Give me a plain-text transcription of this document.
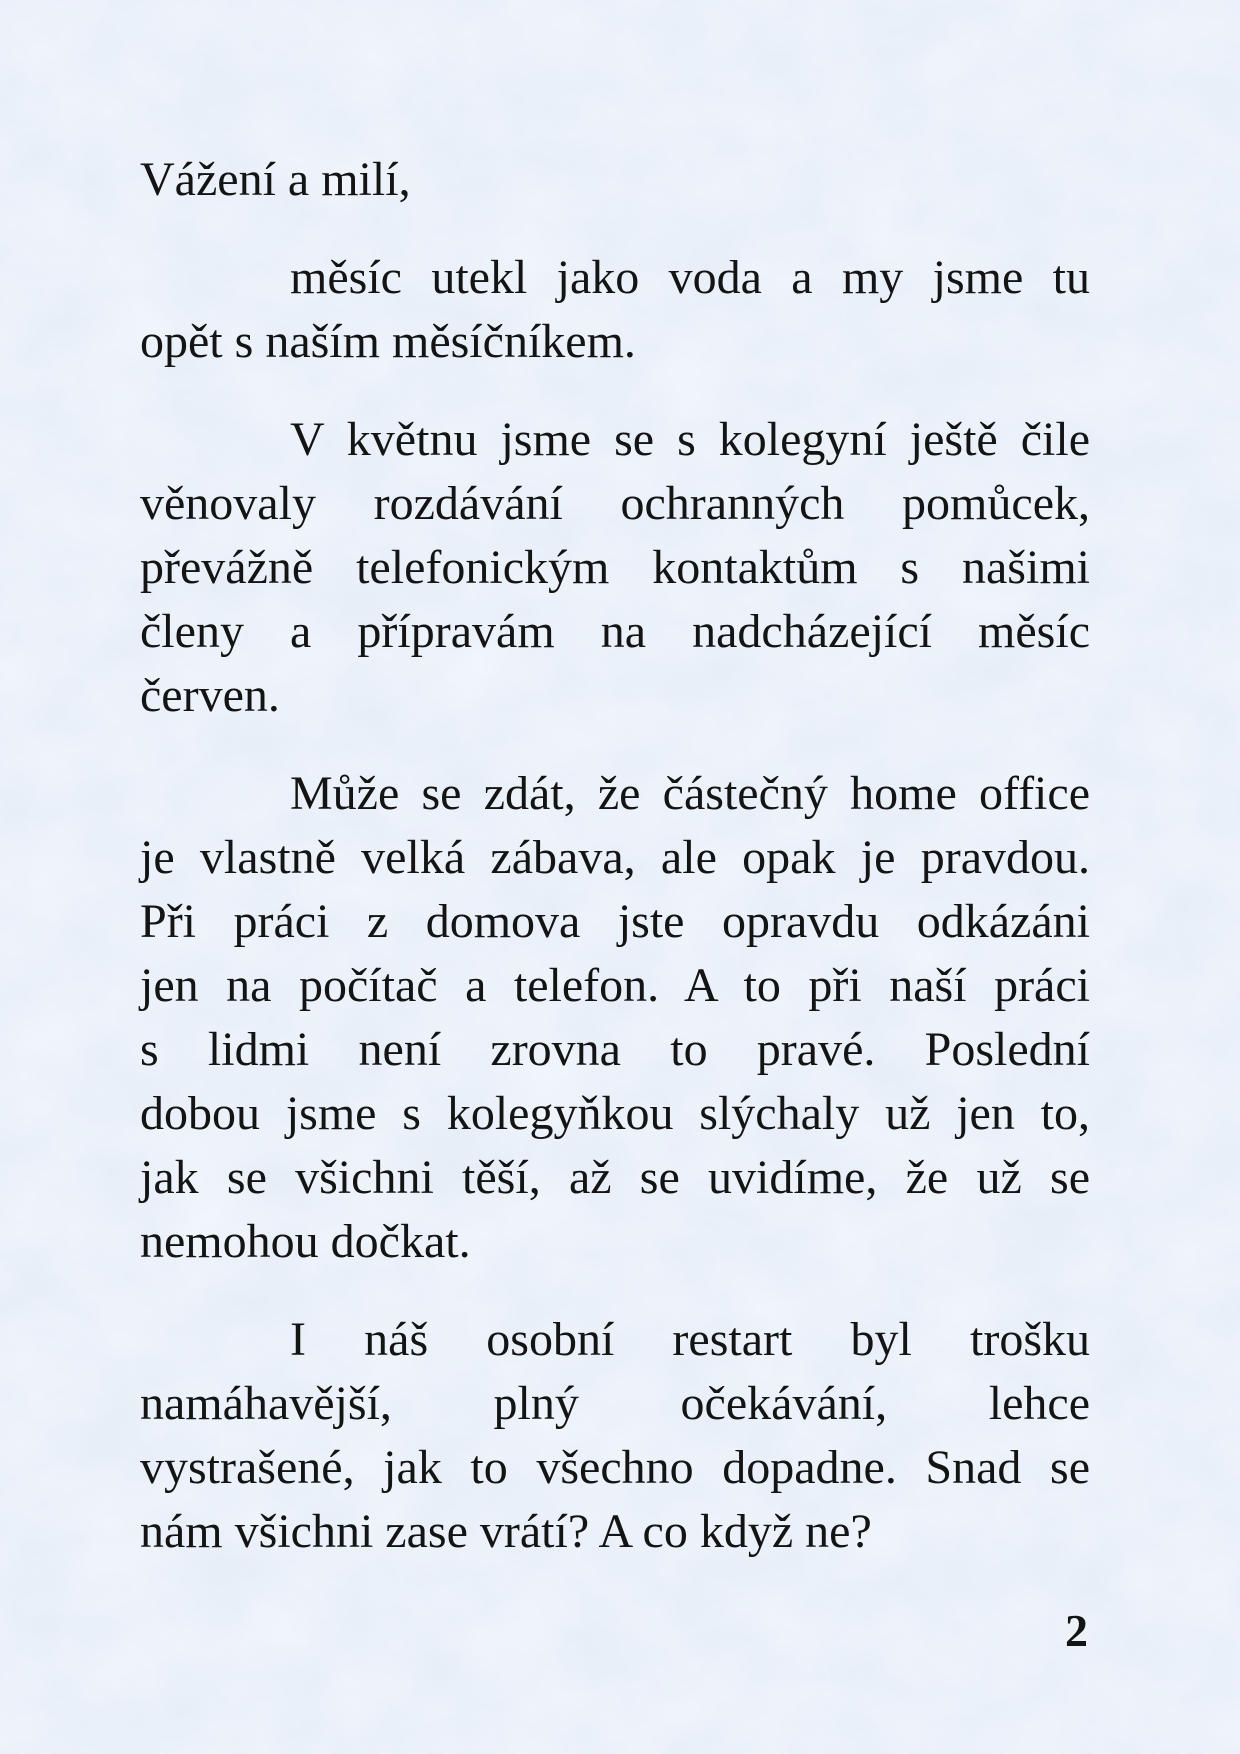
Vážení a milí,
měsíc utekl jako voda a my jsme tu
opět s naším měsíčníkem.
V květnu jsme se s kolegyní ještě čile
věnovaly rozdávání ochranných pomůcek,
převážně telefonickým kontaktům s našimi
členy a přípravám na nadcházející měsíc
červen.
Může se zdát, že částečný home office
je vlastně velká zábava, ale opak je pravdou.
Při práci z domova jste opravdu odkázáni
jen na počítač a telefon. A to při naší práci
s lidmi není zrovna to pravé. Poslední
dobou jsme s kolegyňkou slýchaly už jen to,
jak se všichni těší, až se uvidíme, že už se
nemohou dočkat.
I náš osobní restart byl trošku
namáhavější, plný očekávání, lehce
vystrašené, jak to všechno dopadne. Snad se
nám všichni zase vrátí? A co když ne?
2
